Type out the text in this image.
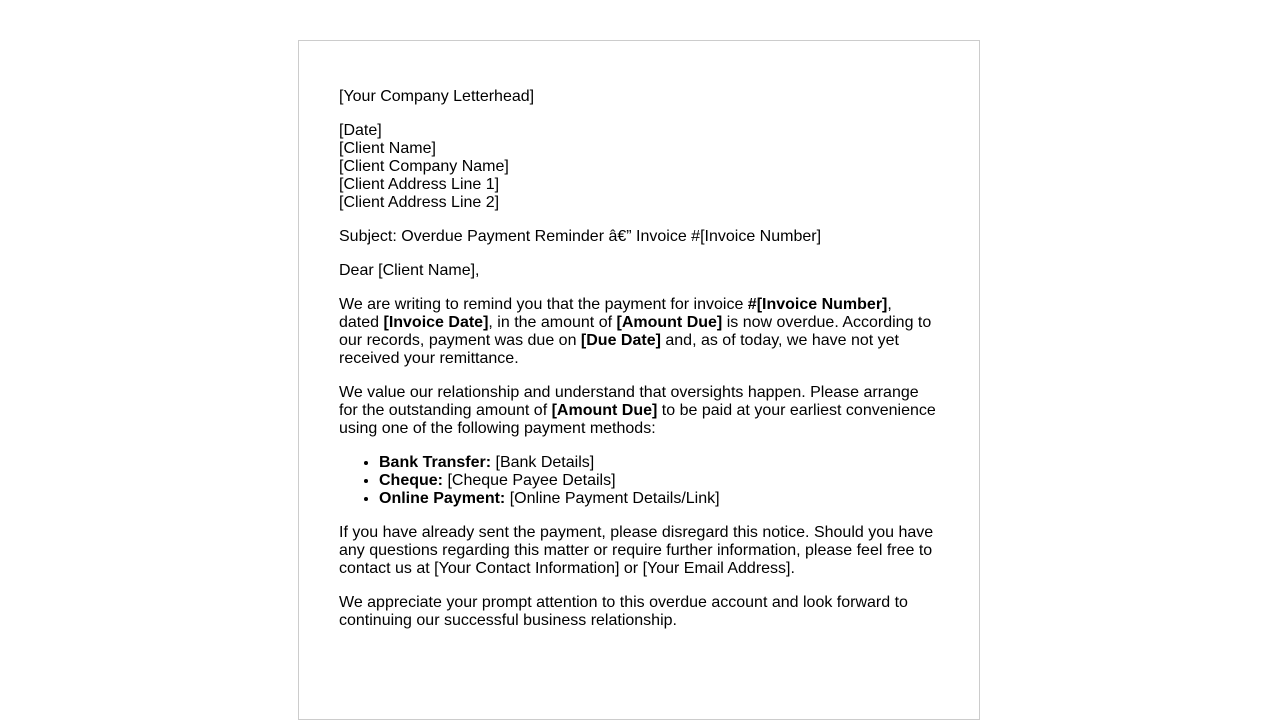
[Your Company Letterhead]

[Date]
[Client Name]
[Client Company Name]
[Client Address Line 1]
[Client Address Line 2]

Subject: Overdue Payment Reminder â€” Invoice #[Invoice Number]

Dear [Client Name],

We are writing to remind you that the payment for invoice #[Invoice Number], dated [Invoice Date], in the amount of [Amount Due] is now overdue. According to our records, payment was due on [Due Date] and, as of today, we have not yet received your remittance.

We value our relationship and understand that oversights happen. Please arrange for the outstanding amount of [Amount Due] to be paid at your earliest convenience using one of the following payment methods:

• Bank Transfer: [Bank Details]
• Cheque: [Cheque Payee Details]
• Online Payment: [Online Payment Details/Link]

If you have already sent the payment, please disregard this notice. Should you have any questions regarding this matter or require further information, please feel free to contact us at [Your Contact Information] or [Your Email Address].

We appreciate your prompt attention to this overdue account and look forward to continuing our successful business relationship.
